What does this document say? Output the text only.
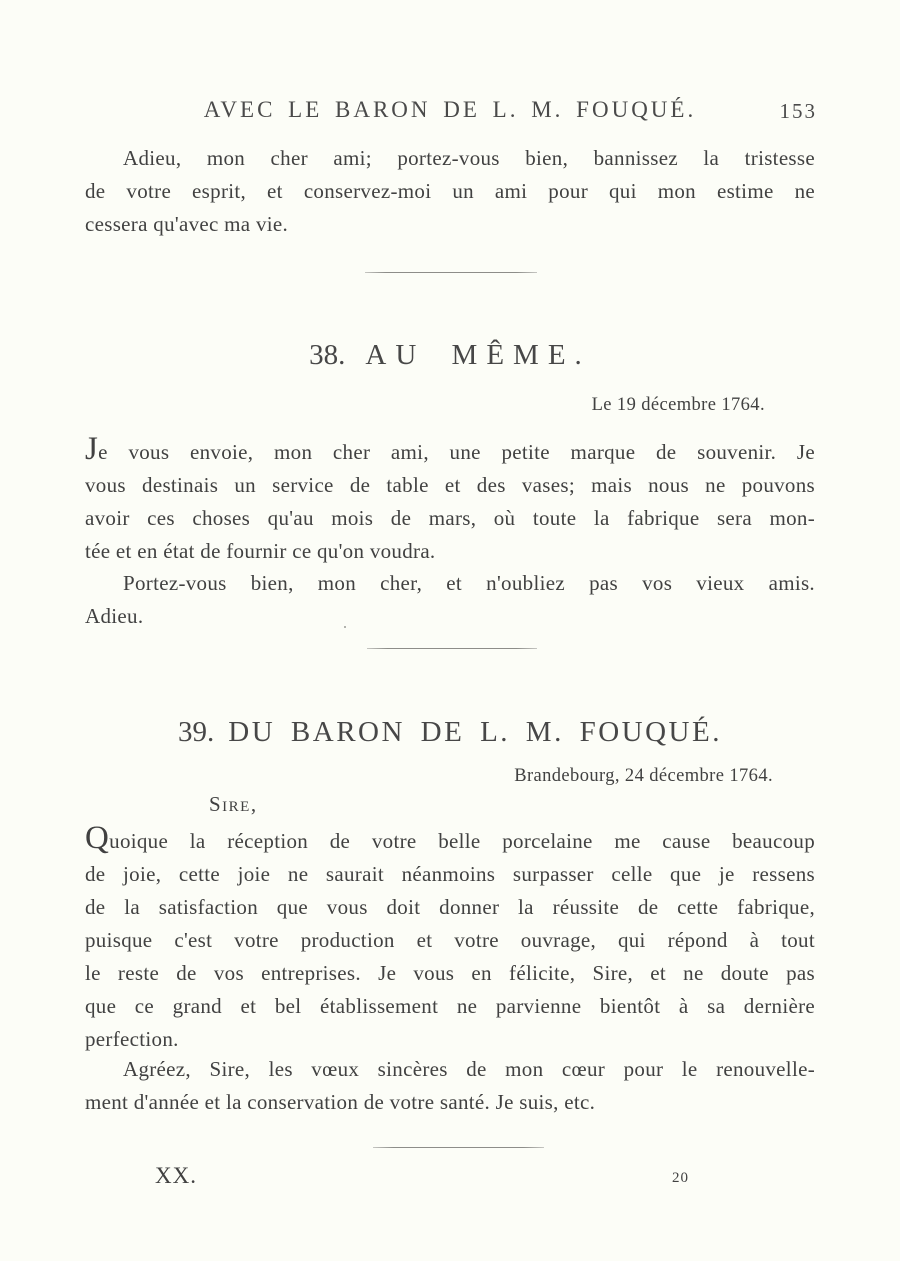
AVEC LE BARON DE L. M. FOUQUÉ.	153
Adieu, mon cher ami; portez-vous bien, bannissez la tristesse
de votre esprit, et conservez-moi un ami pour qui mon estime ne
cessera qu'avec ma vie.
38. AU MÊME.
Le 19 décembre 1764.
Je vous envoie, mon cher ami, une petite marque de souvenir. Je
vous destinais un service de table et des vases; mais nous ne pouvons
avoir ces choses qu'au mois de mars, où toute la fabrique sera mon-
tée et en état de fournir ce qu'on voudra.
Portez-vous bien, mon cher, et n'oubliez pas vos vieux amis.
Adieu.
39. DU BARON DE L. M. FOUQUÉ.
Brandebourg, 24 décembre 1764.
Sire,
Quoique la réception de votre belle porcelaine me cause beaucoup
de joie, cette joie ne saurait néanmoins surpasser celle que je ressens
de la satisfaction que vous doit donner la réussite de cette fabrique,
puisque c'est votre production et votre ouvrage, qui répond à tout
le reste de vos entreprises. Je vous en félicite, Sire, et ne doute pas
que ce grand et bel établissement ne parvienne bientôt à sa dernière
perfection.
Agréez, Sire, les vœux sincères de mon cœur pour le renouvelle-
ment d'année et la conservation de votre santé. Je suis, etc.
XX.	20
